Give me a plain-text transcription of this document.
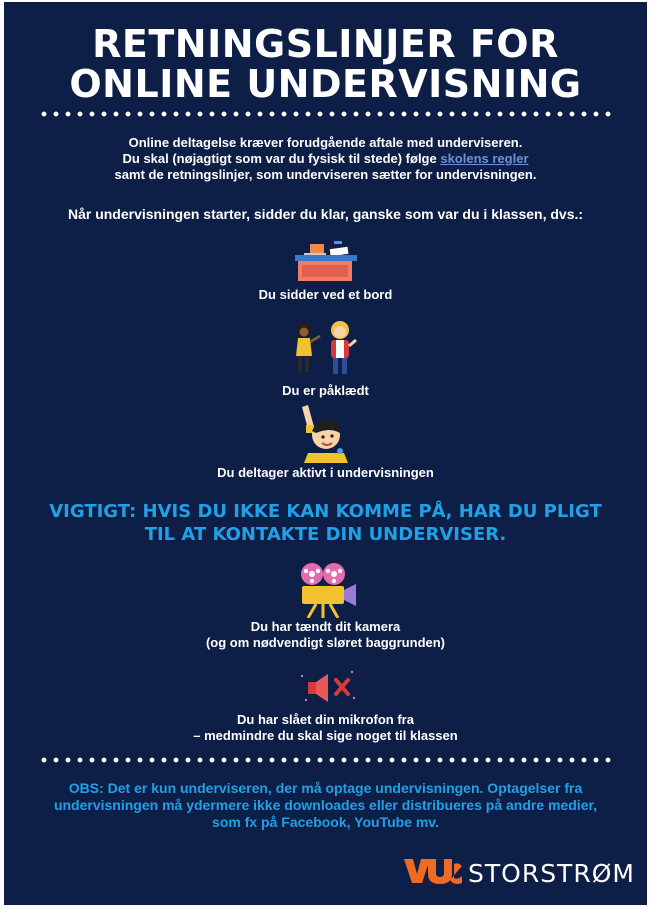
RETNINGSLINJER FOR
ONLINE UNDERVISNING
Online deltagelse kræver forudgående aftale med underviseren.
Du skal (nøjagtigt som var du fysisk til stede) følge skolens regler
samt de retningslinjer, som underviseren sætter for undervisningen.
Når undervisningen starter, sidder du klar, ganske som var du i klassen, dvs.:
Du sidder ved et bord
Du er påklædt
Du deltager aktivt i undervisningen
VIGTIGT: HVIS DU IKKE KAN KOMME PÅ, HAR DU PLIGT
TIL AT KONTAKTE DIN UNDERVISER.
Du har tændt dit kamera
(og om nødvendigt sløret baggrunden)
Du har slået din mikrofon fra
– medmindre du skal sige noget til klassen
OBS: Det er kun underviseren, der må optage undervisningen. Optagelser fra
undervisningen må ydermere ikke downloades eller distribueres på andre medier,
som fx på Facebook, YouTube mv.
STORSTRØM
